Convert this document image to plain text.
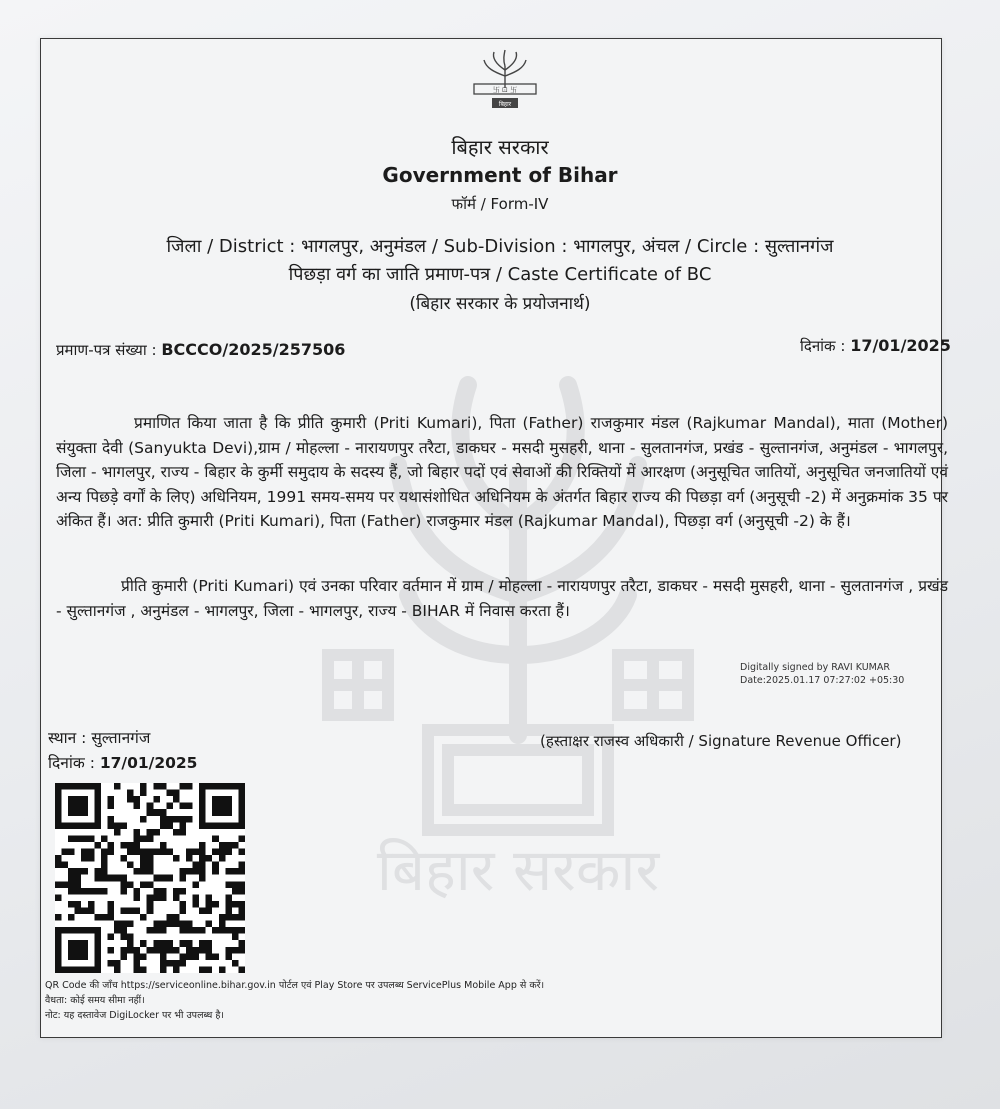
卐 ⊡ 卐
बिहार
बिहार सरकार
बिहार सरकार
Government of Bihar
फॉर्म / Form-IV
जिला / District : भागलपुर, अनुमंडल / Sub-Division : भागलपुर, अंचल / Circle : सुल्तानगंज
पिछड़ा वर्ग का जाति प्रमाण-पत्र / Caste Certificate of BC
(बिहार सरकार के प्रयोजनार्थ)
प्रमाण-पत्र संख्या : BCCCO/2025/257506	दिनांक : 17/01/2025
प्रमाणित किया जाता है कि प्रीति कुमारी (Priti Kumari), पिता (Father) राजकुमार मंडल (Rajkumar Mandal), माता (Mother) संयुक्ता देवी (Sanyukta Devi),ग्राम / मोहल्ला - नारायणपुर तरैटा, डाकघर - मसदी मुसहरी, थाना - सुलतानगंज, प्रखंड - सुल्तानगंज, अनुमंडल - भागलपुर, जिला - भागलपुर, राज्य - बिहार के कुर्मी समुदाय के सदस्य हैं, जो बिहार पदों एवं सेवाओं की रिक्तियों में आरक्षण (अनुसूचित जातियों, अनुसूचित जनजातियों एवं अन्य पिछड़े वर्गों के लिए) अधिनियम, 1991 समय-समय पर यथासंशोधित अधिनियम के अंतर्गत बिहार राज्य की पिछड़ा वर्ग (अनुसूची -2) में अनुक्रमांक 35 पर अंकित हैं। अत: प्रीति कुमारी (Priti Kumari), पिता (Father) राजकुमार मंडल (Rajkumar Mandal), पिछड़ा वर्ग (अनुसूची -2) के हैं।
प्रीति कुमारी (Priti Kumari) एवं उनका परिवार वर्तमान में ग्राम / मोहल्ला - नारायणपुर तरैटा, डाकघर - मसदी मुसहरी, थाना - सुलतानगंज , प्रखंड - सुल्तानगंज , अनुमंडल - भागलपुर, जिला - भागलपुर, राज्य - BIHAR में निवास करता हैं।
Digitally signed by RAVI KUMAR
Date:2025.01.17 07:27:02 +05:30
स्थान : सुल्तानगंज
दिनांक : 17/01/2025
(हस्ताक्षर राजस्व अधिकारी / Signature Revenue Officer)
QR Code की जाँच https://serviceonline.bihar.gov.in पोर्टल एवं Play Store पर उपलब्ध ServicePlus Mobile App से करें।
वैधता: कोई समय सीमा नहीं।
नोट: यह दस्तावेज DigiLocker पर भी उपलब्ध है।
